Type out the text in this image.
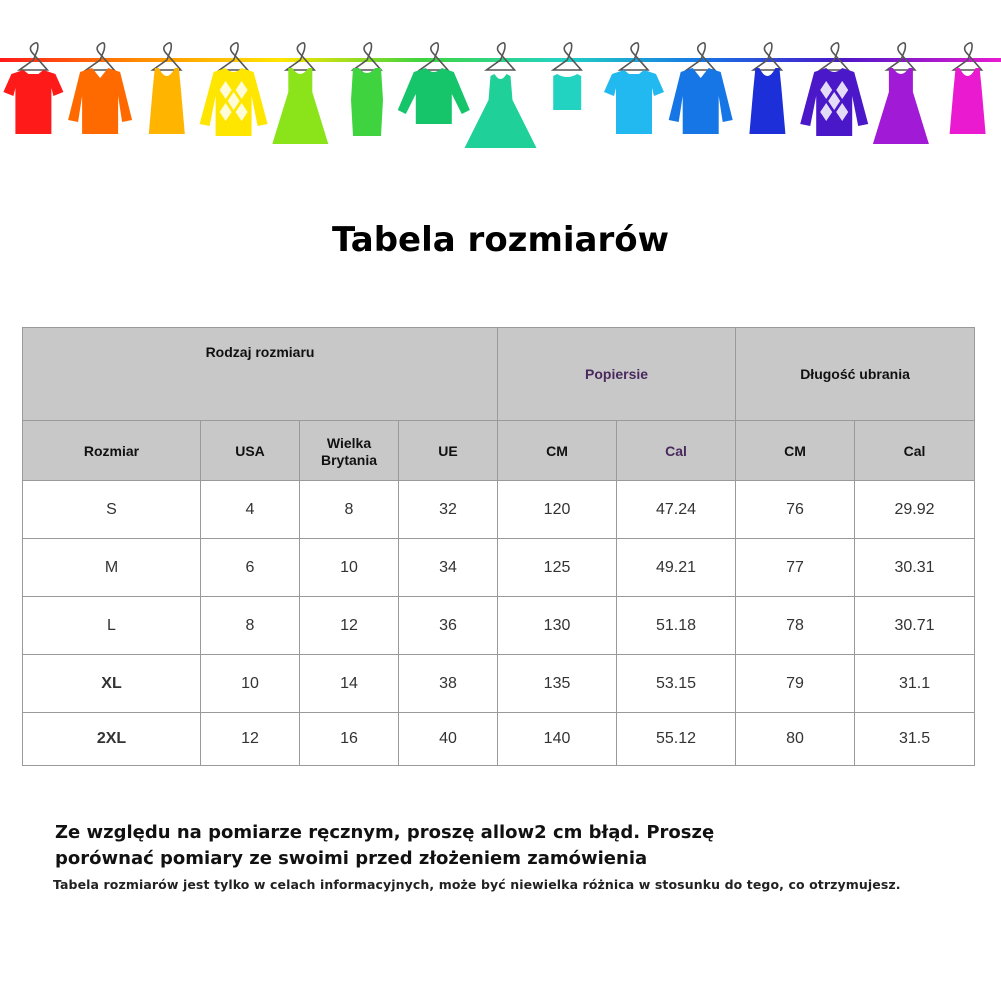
Tabela rozmiarów
Rodzaj rozmiaru				Popiersie		Długość ubrania	
Rozmiar	USA	Wielka Brytania	UE	CM	Cal	CM	Cal
S	4	8	32	120	47.24	76	29.92
M	6	10	34	125	49.21	77	30.31
L	8	12	36	130	51.18	78	30.71
XL	10	14	38	135	53.15	79	31.1
2XL	12	16	40	140	55.12	80	31.5
Ze względu na pomiarze ręcznym, proszę allow2 cm błąd. Proszę
porównać pomiary ze swoimi przed złożeniem zamówienia
Tabela rozmiarów jest tylko w celach informacyjnych, może być niewielka różnica w stosunku do tego, co otrzymujesz.
